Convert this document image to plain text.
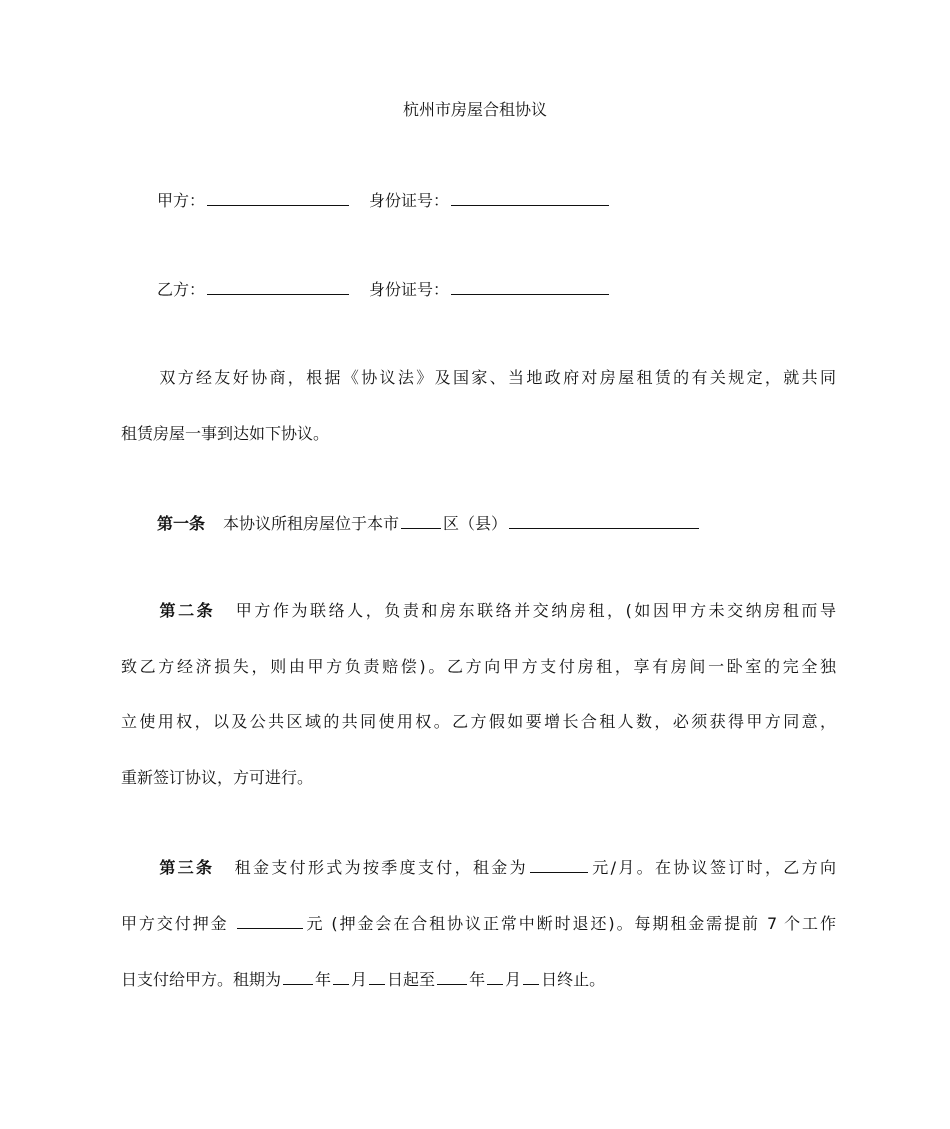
杭州市房屋合租协议
甲方：	身份证号：
乙方：	身份证号：
双方经友好协商，根据《协议法》及国家、当地政府对房屋租赁的有关规定，就共同
租赁房屋一事到达如下协议。
第一条 本协议所租房屋位于本市	区（县）
第二条 甲方作为联络人，负责和房东联络并交纳房租，(如因甲方未交纳房租而导
致乙方经济损失，则由甲方负责赔偿)。乙方向甲方支付房租，享有房间一卧室的完全独
立使用权，以及公共区域的共同使用权。乙方假如要增长合租人数，必须获得甲方同意，
重新签订协议，方可进行。
第三条 租金支付形式为按季度支付，租金为	元/月。在协议签订时，乙方向
甲方交付押金	元 (押金会在合租协议正常中断时退还)。每期租金需提前 7 个工作
日支付给甲方。租期为 年 月 日起至 年 月 日终止。
